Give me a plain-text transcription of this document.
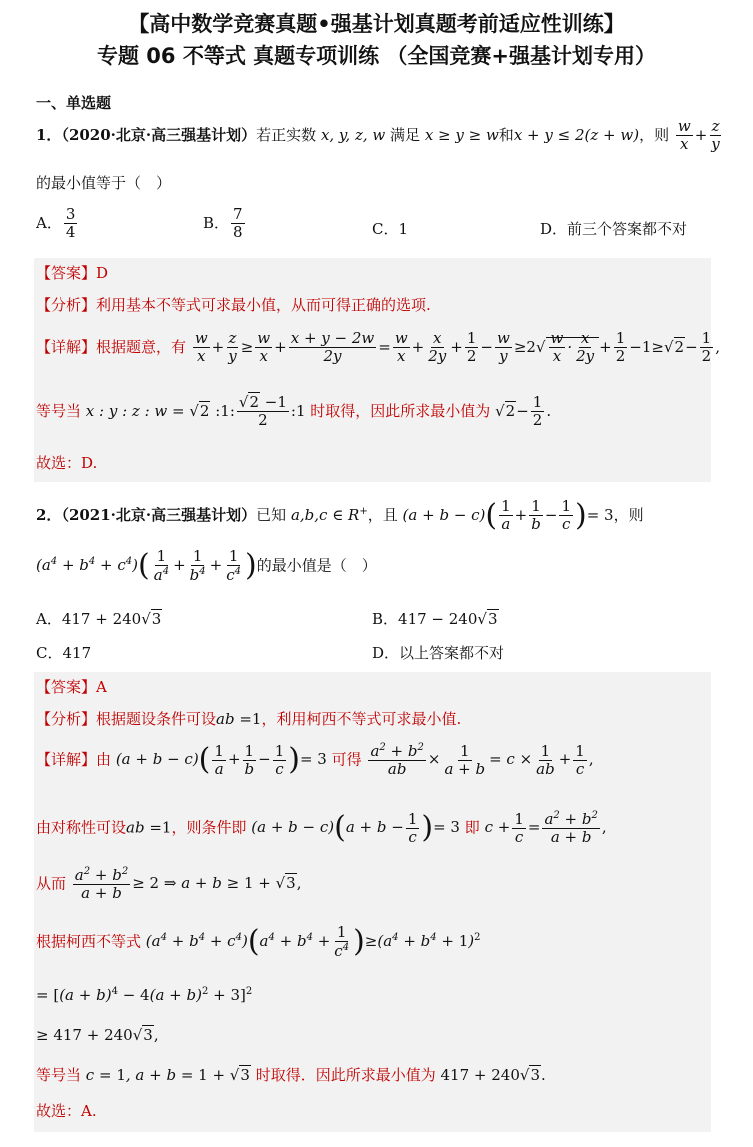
【高中数学竞赛真题•强基计划真题考前适应性训练】
专题 06 不等式 真题专项训练 （全国竞赛+强基计划专用）
一、单选题
1．（2020·北京·高三强基计划）若正实数 x, y, z, w 满足 x ≥ y ≥ w和x + y ≤ 2(z + w)，则 $\frac{w}{x} + \frac{z}{y}$
的最小值等于（　）
A． $\frac{3}{4}$	B． $\frac{7}{8}$	C．1	D．前三个答案都不对
【答案】D
【分析】利用基本不等式可求最小值，从而可得正确的选项.
【详解】根据题意，有 $\frac{w}{x} + \frac{z}{y} \ge \frac{w}{x} + \frac{x + y - 2w}{2y} = \frac{w}{x} + \frac{x}{2y} + \frac{1}{2} - \frac{w}{y} \ge 2√ \frac{w}{x} \cdot \frac{x}{2y} + \frac{1}{2} -1\ge√2- \frac{1}{2}$ ,
等号当 x : y : z : w = √2 :1: $\frac{√2 -1}{2}$ :1 时取得，因此所求最小值为 $√2- \frac{1}{2}$ .
故选：D.
2．（2021·北京·高三强基计划）已知 a,b,c ∈ R+，且 $(a + b - c)( \frac{1}{a} + \frac{1}{b} - \frac{1}{c}$ )= 3，则
$(a^4 + b^4 + c^4)( \frac{1}{a^4} + \frac{1}{b^4} + \frac{1}{c^4}$ )的最小值是（　）
A．417 + 240√3	B．417 − 240√3
C．417	D．以上答案都不对
【答案】A
【分析】根据题设条件可设ab =1，利用柯西不等式可求最小值.
【详解】由 $(a + b - c)( \frac{1}{a} + \frac{1}{b} - \frac{1}{c}$ )= 3 可得 $\frac{a^2 + b^2}{ab} \times \frac{1}{a + b} = c \times \frac{1}{ab} + \frac{1}{c}$ ,
由对称性可设ab =1，则条件即 $(a + b - c)(a + b - \frac{1}{c}$ )= 3 即 $c + \frac{1}{c} = \frac{a^2 + b^2}{a + b}$ ,
从而 $\frac{a^2 + b^2}{a + b} \ge 2$ ⇒ a + b ≥ 1 + √3,
根据柯西不等式 $(a^4 + b^4 + c^4)(a^4 + b^4 + \frac{1}{c^4} )\ge(a^4 + b^4 + 1)^2$
= $[(a + b)^4 - 4(a + b)^2 + 3]^2$
≥ 417 + 240√3,
等号当 c = 1, a + b = 1 + √3 时取得．因此所求最小值为 417 + 240√3.
故选：A.
